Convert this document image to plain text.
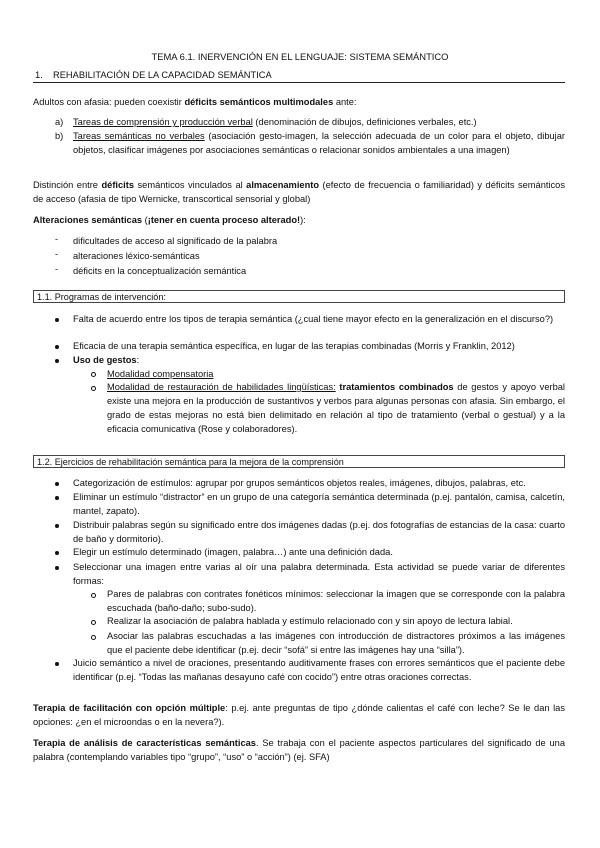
TEMA 6.1. INERVENCIÓN EN EL LENGUAJE: SISTEMA SEMÁNTICO
1. REHABILITACIÓN DE LA CAPACIDAD SEMÁNTICA
Adultos con afasia: pueden coexistir déficits semánticos multimodales ante:
a) Tareas de comprensión y producción verbal (denominación de dibujos, definiciones verbales, etc.)
b) Tareas semánticas no verbales (asociación gesto-imagen, la selección adecuada de un color para el objeto, dibujar objetos, clasificar imágenes por asociaciones semánticas o relacionar sonidos ambientales a una imagen)
Distinción entre déficits semánticos vinculados al almacenamiento (efecto de frecuencia o familiaridad) y déficits semánticos de acceso (afasia de tipo Wernicke, transcortical sensorial y global)
Alteraciones semánticas (¡tener en cuenta proceso alterado!):
- dificultades de acceso al significado de la palabra
- alteraciones léxico-semánticas
- déficits en la conceptualización semántica
1.1. Programas de intervención:
Falta de acuerdo entre los tipos de terapia semántica (¿cual tiene mayor efecto en la generalización en el discurso?)
Eficacia de una terapia semántica específica, en lugar de las terapias combinadas (Morris y Franklin, 2012)
Uso de gestos:
Modalidad compensatoria
Modalidad de restauración de habilidades lingüísticas: tratamientos combinados de gestos y apoyo verbal existe una mejora en la producción de sustantivos y verbos para algunas personas con afasia. Sin embargo, el grado de estas mejoras no está bien delimitado en relación al tipo de tratamiento (verbal o gestual) y a la eficacia comunicativa (Rose y colaboradores).
1.2. Ejercicios de rehabilitación semántica para la mejora de la comprensión
Categorización de estímulos: agrupar por grupos semánticos objetos reales, imágenes, dibujos, palabras, etc.
Eliminar un estímulo “distractor” en un grupo de una categoría semántica determinada (p.ej. pantalón, camisa, calcetín, mantel, zapato).
Distribuir palabras según su significado entre dos imágenes dadas (p.ej. dos fotografías de estancias de la casa: cuarto de baño y dormitorio).
Elegir un estímulo determinado (imagen, palabra…) ante una definición dada.
Seleccionar una imagen entre varias al oír una palabra determinada. Esta actividad se puede variar de diferentes formas:
Pares de palabras con contrates fonéticos mínimos: seleccionar la imagen que se corresponde con la palabra escuchada (baño-daño; subo-sudo).
Realizar la asociación de palabra hablada y estímulo relacionado con y sin apoyo de lectura labial.
Asociar las palabras escuchadas a las imágenes con introducción de distractores próximos a las imágenes que el paciente debe identificar (p.ej. decir “sofá” si entre las imágenes hay una “silla”).
Juicio semántico a nivel de oraciones, presentando auditivamente frases con errores semánticos que el paciente debe identificar (p.ej. “Todas las mañanas desayuno café con cocido”) entre otras oraciones correctas.
Terapia de facilitación con opción múltiple: p.ej. ante preguntas de tipo ¿dónde calientas el café con leche? Se le dan las opciones: ¿en el microondas o en la nevera?).
Terapia de análisis de características semánticas. Se trabaja con el paciente aspectos particulares del significado de una palabra (contemplando variables tipo “grupo”, “uso” o “acción”) (ej. SFA)
